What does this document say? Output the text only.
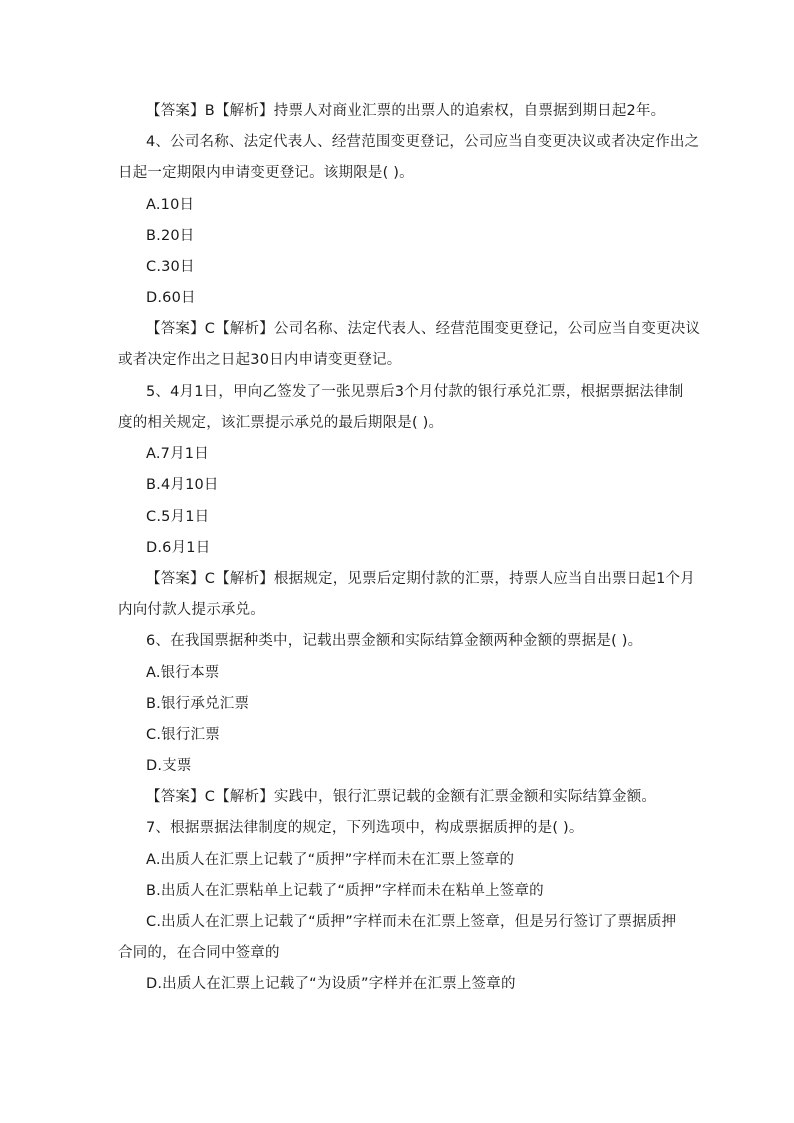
【答案】B【解析】持票人对商业汇票的出票人的追索权，自票据到期日起2年。
4、公司名称、法定代表人、经营范围变更登记，公司应当自变更决议或者决定作出之
日起一定期限内申请变更登记。该期限是( )。
A.10日
B.20日
C.30日
D.60日
【答案】C【解析】公司名称、法定代表人、经营范围变更登记，公司应当自变更决议
或者决定作出之日起30日内申请变更登记。
5、4月1日，甲向乙签发了一张见票后3个月付款的银行承兑汇票，根据票据法律制
度的相关规定，该汇票提示承兑的最后期限是( )。
A.7月1日
B.4月10日
C.5月1日
D.6月1日
【答案】C【解析】根据规定，见票后定期付款的汇票，持票人应当自出票日起1个月
内向付款人提示承兑。
6、在我国票据种类中，记载出票金额和实际结算金额两种金额的票据是( )。
A.银行本票
B.银行承兑汇票
C.银行汇票
D.支票
【答案】C【解析】实践中，银行汇票记载的金额有汇票金额和实际结算金额。
7、根据票据法律制度的规定，下列选项中，构成票据质押的是( )。
A.出质人在汇票上记载了“质押”字样而未在汇票上签章的
B.出质人在汇票粘单上记载了“质押”字样而未在粘单上签章的
C.出质人在汇票上记载了“质押”字样而未在汇票上签章，但是另行签订了票据质押
合同的，在合同中签章的
D.出质人在汇票上记载了“为设质”字样并在汇票上签章的
